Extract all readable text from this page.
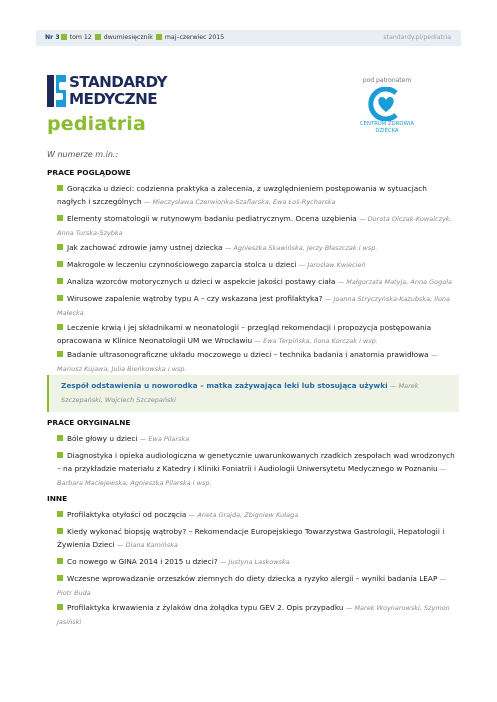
Nr 3 tom 12 dwumiesięcznik maj–czerwiec 2015	standardy.pl/pediatria
STANDARDY
MEDYCZNE
pediatria
pod patronatem
CENTRUM ZDROWIA DZIECKA
W numerze m.in.:
PRACE POGLĄDOWE
Gorączka u dzieci: codzienna praktyka a zalecenia, z uwzględnieniem postępowania w sytuacjach nagłych i szczególnych — Mieczysława Czerwionka-Szaflarska, Ewa Łoś-Rycharska
Elementy stomatologii w rutynowym badaniu pediatrycznym. Ocena uzębienia — Dorota Olczak-Kowalczyk, Anna Turska-Szybka
Jak zachować zdrowie jamy ustnej dziecka — Agnieszka Skawińska, Jerzy Błaszczak i wsp.
Makrogole w leczeniu czynnościowego zaparcia stolca u dzieci — Jarosław Kwiecień
Analiza wzorców motorycznych u dzieci w aspekcie jakości postawy ciała — Małgorzata Matyja, Anna Gogola
Wirusowe zapalenie wątroby typu A – czy wskazana jest profilaktyka? — Joanna Stryczyńska-Kazubska, Ilona Małecka
Leczenie krwią i jej składnikami w neonatologii – przegląd rekomendacji i propozycja postępowania opracowana w Klinice Neonatologii UM we Wrocławiu — Ewa Terpińska, Ilona Korczak i wsp.
Badanie ultrasonograficzne układu moczowego u dzieci – technika badania i anatomia prawidłowa — Mariusz Kujawa, Julia Bieńkowska i wsp.
Zespół odstawienia u noworodka – matka zażywająca leki lub stosująca używki — Marek Szczepański, Wojciech Szczepański
PRACE ORYGINALNE
Bóle głowy u dzieci — Ewa Pilarska
Diagnostyka i opieka audiologiczna w genetycznie uwarunkowanych rzadkich zespołach wad wrodzonych – na przykładzie materiału z Katedry i Kliniki Foniatrii i Audiologii Uniwersytetu Medycznego w Poznaniu — Barbara Maciejewska, Agnieszka Pilarska i wsp.
INNE
Profilaktyka otyłości od poczęcia — Aneta Grajda, Zbigniew Kułaga
Kiedy wykonać biopsję wątroby? – Rekomendacje Europejskiego Towarzystwa Gastrologii, Hepatologii i Żywienia Dzieci — Diana Kamińska
Co nowego w GINA 2014 i 2015 u dzieci? — Justyna Laskowska
Wczesne wprowadzanie orzeszków ziemnych do diety dziecka a ryzyko alergii – wyniki badania LEAP — Piotr Buda
Profilaktyka krwawienia z żylaków dna żołądka typu GEV 2. Opis przypadku — Marek Woynarowski, Szymon Jasiński
